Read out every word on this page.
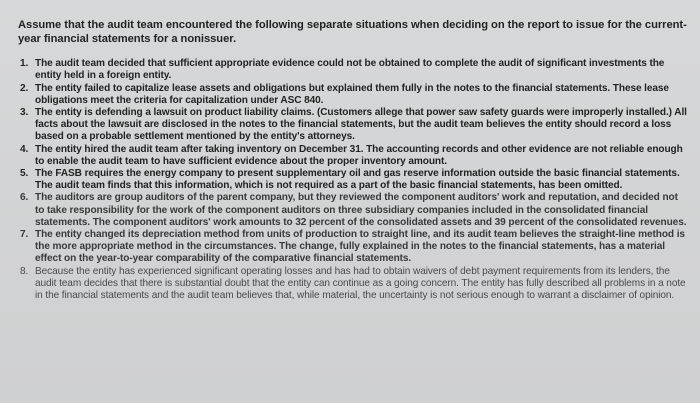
Assume that the audit team encountered the following separate situations when deciding on the report to issue for the current-year financial statements for a nonissuer.

1. The audit team decided that sufficient appropriate evidence could not be obtained to complete the audit of significant investments the entity held in a foreign entity.
2. The entity failed to capitalize lease assets and obligations but explained them fully in the notes to the financial statements. These lease obligations meet the criteria for capitalization under ASC 840.
3. The entity is defending a lawsuit on product liability claims. (Customers allege that power saw safety guards were improperly installed.) All facts about the lawsuit are disclosed in the notes to the financial statements, but the audit team believes the entity should record a loss based on a probable settlement mentioned by the entity's attorneys.
4. The entity hired the audit team after taking inventory on December 31. The accounting records and other evidence are not reliable enough to enable the audit team to have sufficient evidence about the proper inventory amount.
5. The FASB requires the energy company to present supplementary oil and gas reserve information outside the basic financial statements. The audit team finds that this information, which is not required as a part of the basic financial statements, has been omitted.
6. The auditors are group auditors of the parent company, but they reviewed the component auditors' work and reputation, and decided not to take responsibility for the work of the component auditors on three subsidiary companies included in the consolidated financial statements. The component auditors' work amounts to 32 percent of the consolidated assets and 39 percent of the consolidated revenues.
7. The entity changed its depreciation method from units of production to straight line, and its audit team believes the straight-line method is the more appropriate method in the circumstances. The change, fully explained in the notes to the financial statements, has a material effect on the year-to-year comparability of the comparative financial statements.
8. Because the entity has experienced significant operating losses and has had to obtain waivers of debt payment requirements from its lenders, the audit team decides that there is substantial doubt that the entity can continue as a going concern. The entity has fully described all problems in a note in the financial statements and the audit team believes that, while material, the uncertainty is not serious enough to warrant a disclaimer of opinion.
